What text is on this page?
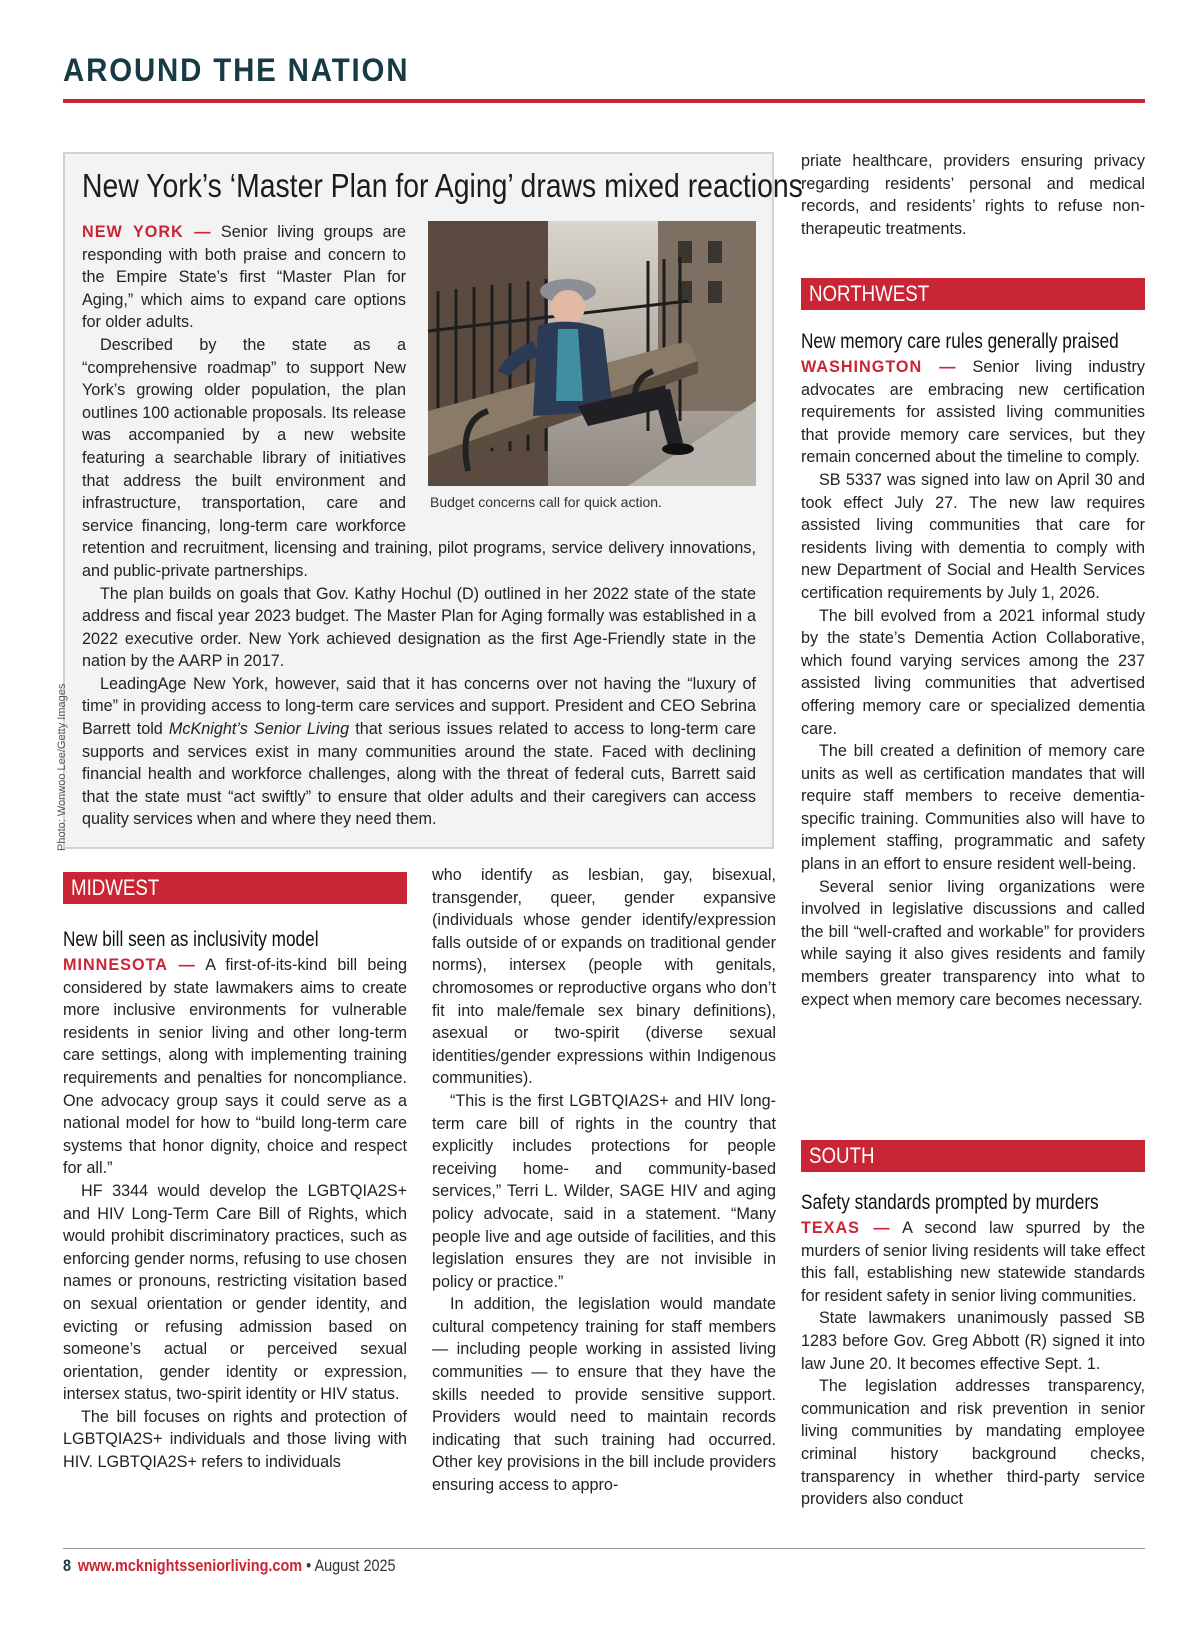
AROUND THE NATION
New York’s ‘Master Plan for Aging’ draws mixed reactions
Budget concerns call for quick action.

NEW YORK — Senior living groups are responding with both praise and concern to the Empire State’s first “Master Plan for Aging,” which aims to expand care options for older adults.

Described by the state as a “comprehensive roadmap” to support New York’s growing older population, the plan outlines 100 actionable proposals. Its release was accompanied by a new website featuring a searchable library of initiatives that address the built environment and infrastructure, transportation, care and service financing, long-term care workforce retention and recruitment, licensing and training, pilot programs, service delivery innovations, and public-private partnerships.

The plan builds on goals that Gov. Kathy Hochul (D) outlined in her 2022 state of the state address and fiscal year 2023 budget. The Master Plan for Aging formally was established in a 2022 executive order. New York achieved designation as the first Age-Friendly state in the nation by the AARP in 2017.

LeadingAge New York, however, said that it has concerns over not having the “luxury of time” in providing access to long-term care services and support. President and CEO Sebrina Barrett told McKnight’s Senior Living that serious issues related to access to long-term care supports and services exist in many communities around the state. Faced with declining financial health and workforce challenges, along with the threat of federal cuts, Barrett said that the state must “act swiftly” to ensure that older adults and their caregivers can access quality services when and where they need them.

Photo: Wonwoo Lee/Getty Images
MIDWEST
New bill seen as inclusivity model

MINNESOTA — A first-of-its-kind bill being considered by state lawmakers aims to create more inclusive environments for vulnerable residents in senior living and other long-term care settings, along with implementing training requirements and penalties for noncompliance. One advocacy group says it could serve as a national model for how to “build long-term care systems that honor dignity, choice and respect for all.”

HF 3344 would develop the LGBTQIA2S+ and HIV Long-Term Care Bill of Rights, which would prohibit discriminatory practices, such as enforcing gender norms, refusing to use chosen names or pronouns, restricting visitation based on sexual orientation or gender identity, and evicting or refusing admission based on someone’s actual or perceived sexual orientation, gender identity or expression, intersex status, two-spirit identity or HIV status.

The bill focuses on rights and protection of LGBTQIA2S+ individuals and those living with HIV. LGBTQIA2S+ refers to individuals

who identify as lesbian, gay, bisexual, transgender, queer, gender expansive (individuals whose gender identify/expression falls outside of or expands on traditional gender norms), intersex (people with genitals, chromosomes or reproductive organs who don’t fit into male/female sex binary definitions), asexual or two-spirit (diverse sexual identities/gender expressions within Indigenous communities).

“This is the first LGBTQIA2S+ and HIV long-term care bill of rights in the country that explicitly includes protections for people receiving home- and community-based services,” Terri L. Wilder, SAGE HIV and aging policy advocate, said in a statement. “Many people live and age outside of facilities, and this legislation ensures they are not invisible in policy or practice.”

In addition, the legislation would mandate cultural competency training for staff members — including people working in assisted living communities — to ensure that they have the skills needed to provide sensitive support. Providers would need to maintain records indicating that such training had occurred. Other key provisions in the bill include providers ensuring access to appro-

priate healthcare, providers ensuring privacy regarding residents’ personal and medical records, and residents’ rights to refuse non-therapeutic treatments.

NORTHWEST
New memory care rules generally praised

WASHINGTON — Senior living industry advocates are embracing new certification requirements for assisted living communities that provide memory care services, but they remain concerned about the timeline to comply.

SB 5337 was signed into law on April 30 and took effect July 27. The new law requires assisted living communities that care for residents living with dementia to comply with new Department of Social and Health Services certification requirements by July 1, 2026.

The bill evolved from a 2021 informal study by the state’s Dementia Action Collaborative, which found varying services among the 237 assisted living communities that advertised offering memory care or specialized dementia care.

The bill created a definition of memory care units as well as certification mandates that will require staff members to receive dementia-specific training. Communities also will have to implement staffing, programmatic and safety plans in an effort to ensure resident well-being.

Several senior living organizations were involved in legislative discussions and called the bill “well-crafted and workable” for providers while saying it also gives residents and family members greater transparency into what to expect when memory care becomes necessary.

SOUTH
Safety standards prompted by murders

TEXAS — A second law spurred by the murders of senior living residents will take effect this fall, establishing new statewide standards for resident safety in senior living communities.

State lawmakers unanimously passed SB 1283 before Gov. Greg Abbott (R) signed it into law June 20. It becomes effective Sept. 1.

The legislation addresses transparency, communication and risk prevention in senior living communities by mandating employee criminal history background checks, transparency in whether third-party service providers also conduct

8 www.mcknightsseniorliving.com • August 2025
